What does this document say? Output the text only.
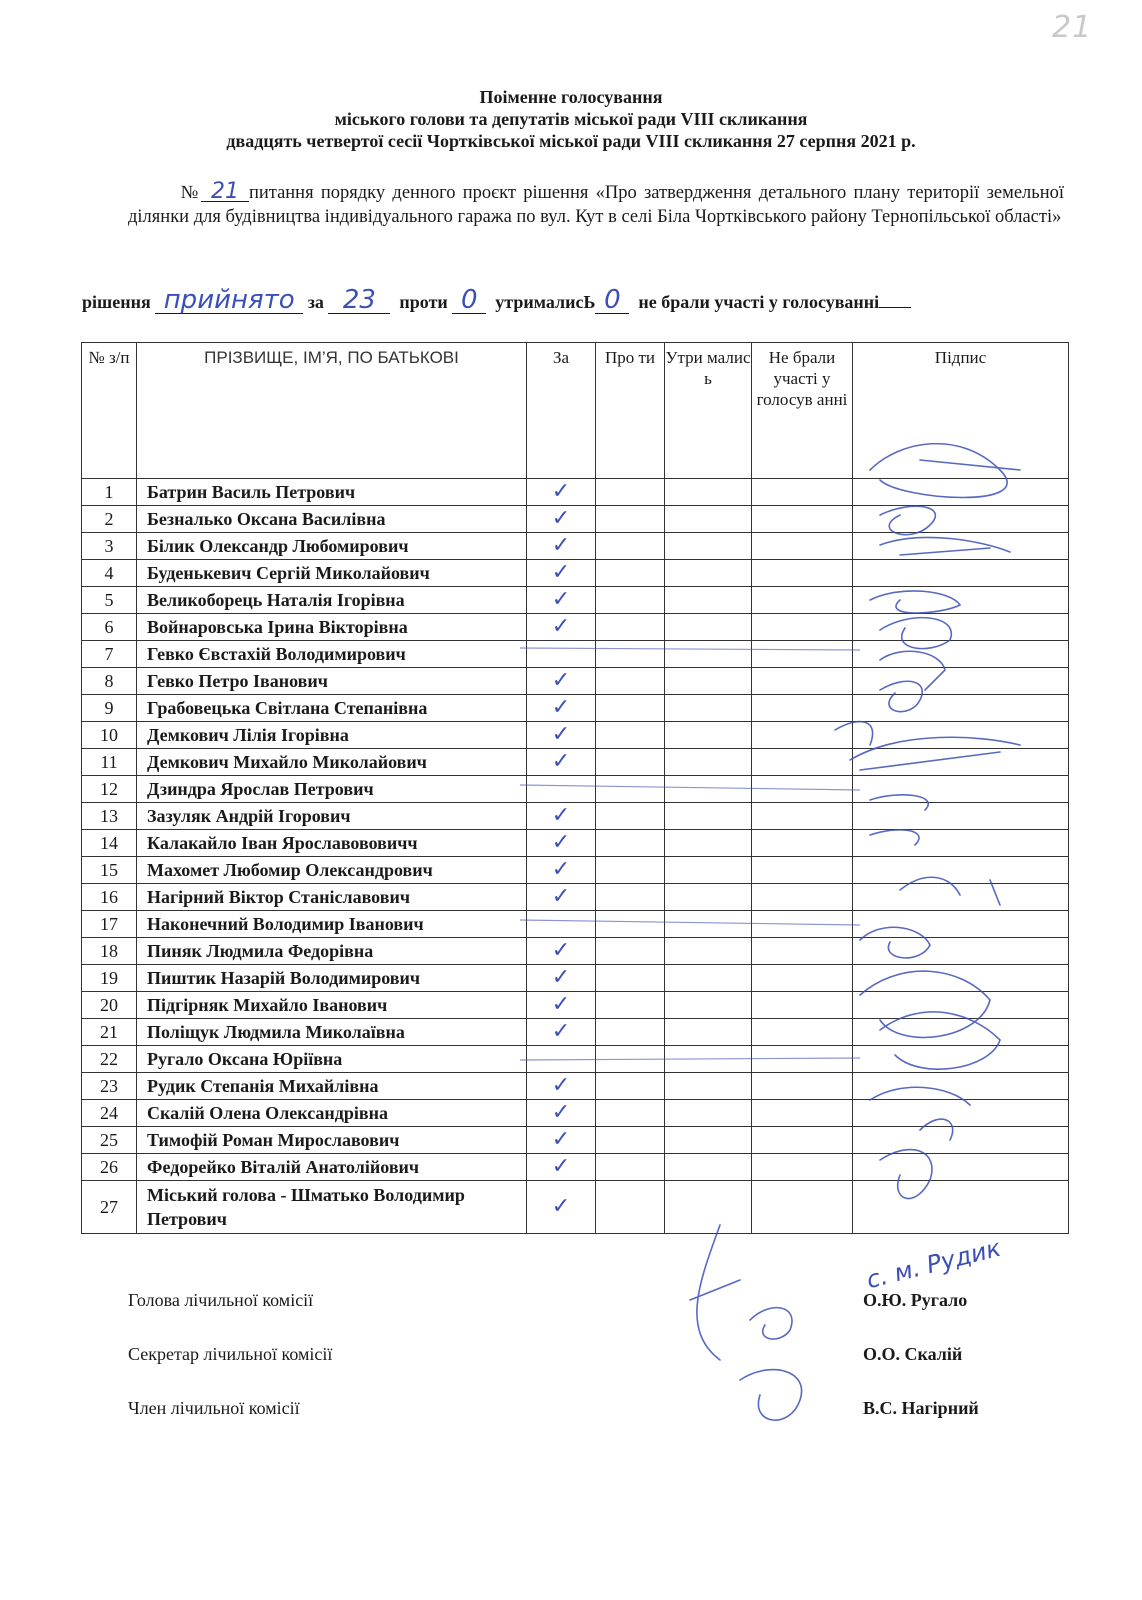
21
Поіменне голосування
міського голови та депутатів міської ради VIII скликання
двадцять четвертої сесії Чортківської міської ради VIII скликання 27 серпня 2021 р.
№ 21 питання порядку денного проєкт рішення «Про затвердження детального плану території земельної ділянки для будівництва індивідуального гаража по вул. Кут в селі Біла Чортківського району Тернопільської області»
рішення прийнято за 23 проти 0 утрималисЬ 0 не брали участі у голосуванні
№ з/п	ПРІЗВИЩЕ, ІМ’Я, ПО БАТЬКОВІ	За	Про ти	Утри малис ь	Не брали участі у голосув анні	Підпис
1	Батрин Василь Петрович	✓				
2	Безналько Оксана Василівна	✓				
3	Білик Олександр Любомирович	✓				
4	Буденькевич Сергій Миколайович	✓				
5	Великоборець Наталія Ігорівна	✓				
6	Войнаровська Ірина Вікторівна	✓				
7	Гевко Євстахій Володимирович					
8	Гевко Петро Іванович	✓				
9	Грабовецька Світлана Степанівна	✓				
10	Демкович Лілія Ігорівна	✓				
11	Демкович Михайло Миколайович	✓				
12	Дзиндра Ярослав Петрович					
13	Зазуляк Андрій Ігорович	✓				
14	Калакайло Іван Ярославововичч	✓				
15	Махомет Любомир Олександрович	✓				
16	Нагірний Віктор Станіславович	✓				
17	Наконечний Володимир Іванович					
18	Пиняк Людмила Федорівна	✓				
19	Пиштик Назарій Володимирович	✓				
20	Підгірняк Михайло Іванович	✓				
21	Поліщук Людмила Миколаївна	✓				
22	Ругало Оксана Юріївна					
23	Рудик Степанія Михайлівна	✓				
24	Скалій Олена Олександрівна	✓				
25	Тимофій Роман Мирославович	✓				
26	Федорейко Віталій Анатолійович	✓				
27	Міський голова - Шматько Володимир Петрович	✓				
с. м. Рудик
Голова лічильної комісії	О.Ю. Ругало
Секретар лічильної комісії	О.О. Скалій
Член лічильної комісії	В.С. Нагірний
